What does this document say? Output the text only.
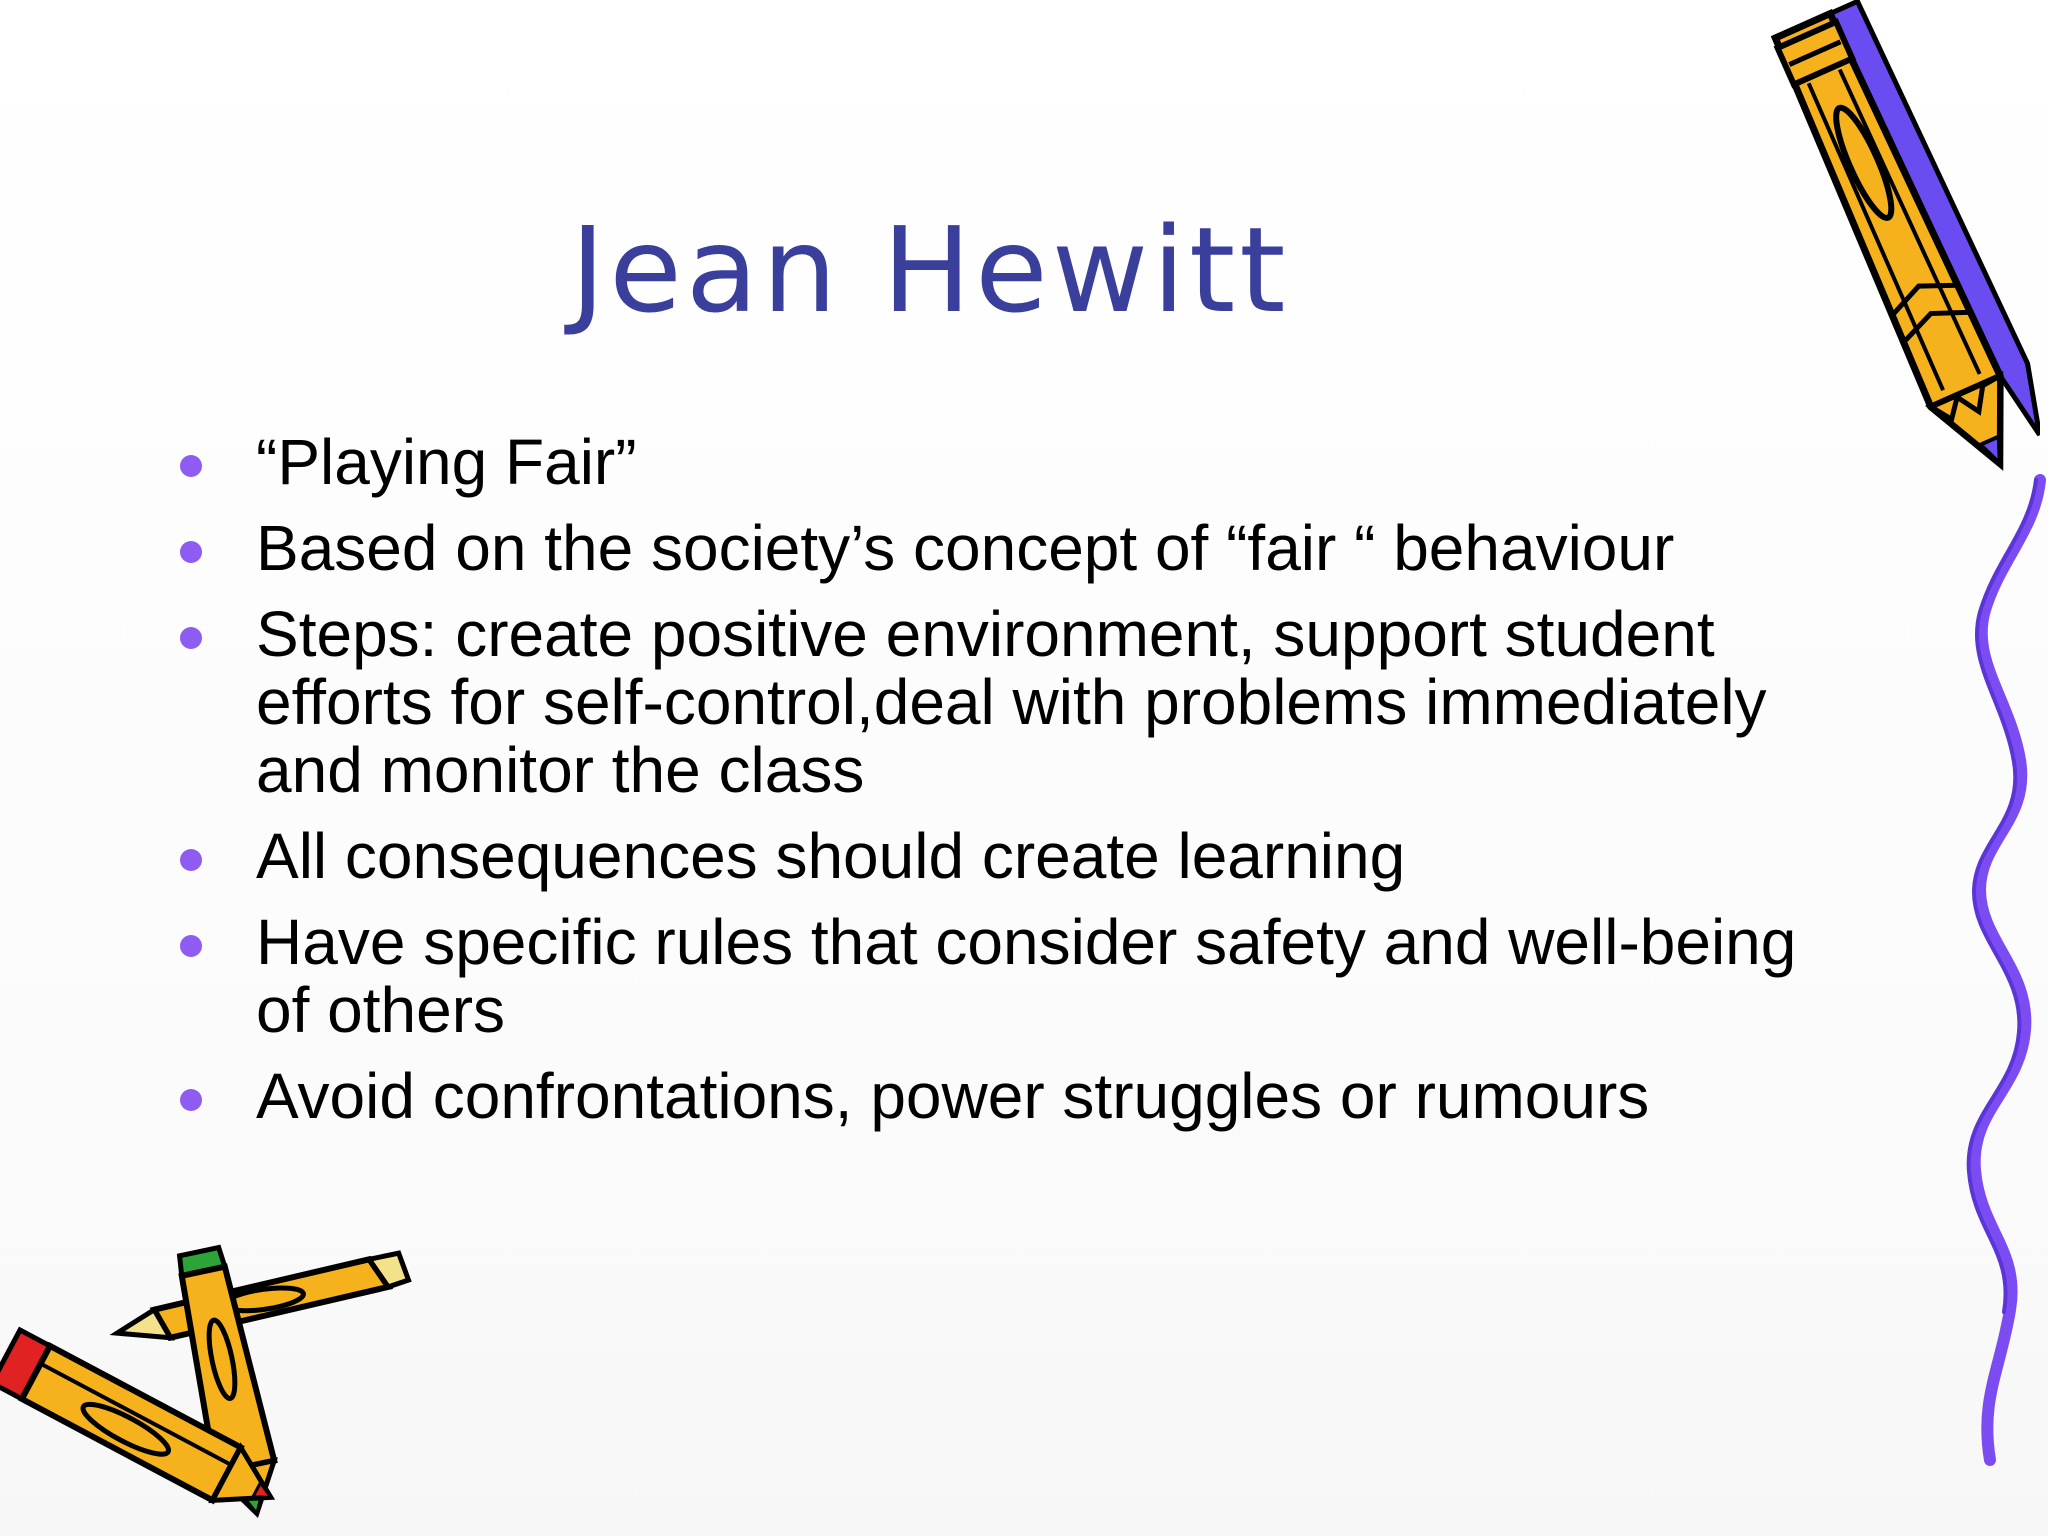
Jean Hewitt
“Playing Fair”
Based on the society’s concept of “fair “ behaviour
Steps: create positive environment, support student efforts for self-control,deal with problems immediately and monitor the class
All consequences should create learning
Have specific rules that consider safety and well-being of others
Avoid confrontations, power struggles or rumours
